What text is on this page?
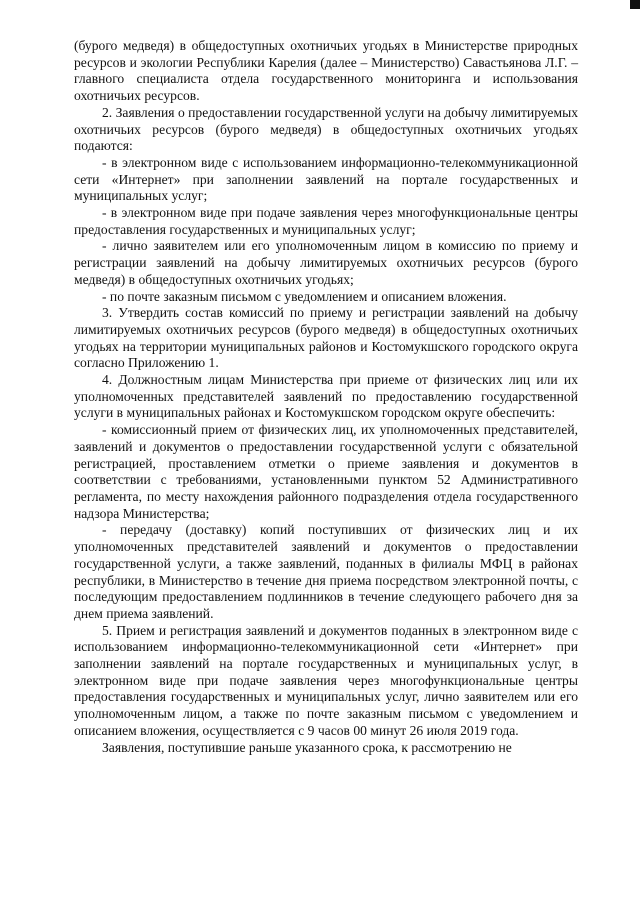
(бурого медведя) в общедоступных охотничьих угодьях в Министерстве природных ресурсов и экологии Республики Карелия (далее – Министерство) Савастьянова Л.Г. – главного специалиста отдела государственного мониторинга и использования охотничьих ресурсов.

2. Заявления о предоставлении государственной услуги на добычу лимитируемых охотничьих ресурсов (бурого медведя) в общедоступных охотничьих угодьях подаются:

- в электронном виде с использованием информационно-телекоммуникационной сети «Интернет» при заполнении заявлений на портале государственных и муниципальных услуг;

- в электронном виде при подаче заявления через многофункциональные центры предоставления государственных и муниципальных услуг;

- лично заявителем или его уполномоченным лицом в комиссию по приему и регистрации заявлений на добычу лимитируемых охотничьих ресурсов (бурого медведя) в общедоступных охотничьих угодьях;

- по почте заказным письмом с уведомлением и описанием вложения.

3. Утвердить состав комиссий по приему и регистрации заявлений на добычу лимитируемых охотничьих ресурсов (бурого медведя) в общедоступных охотничьих угодьях на территории муниципальных районов и Костомукшского городского округа согласно Приложению 1.

4. Должностным лицам Министерства при приеме от физических лиц или их уполномоченных представителей заявлений по предоставлению государственной услуги в муниципальных районах и Костомукшском городском округе обеспечить:

- комиссионный прием от физических лиц, их уполномоченных представителей, заявлений и документов о предоставлении государственной услуги с обязательной регистрацией, проставлением отметки о приеме заявления и документов в соответствии с требованиями, установленными пунктом 52 Административного регламента, по месту нахождения районного подразделения отдела государственного надзора Министерства;

- передачу (доставку) копий поступивших от физических лиц и их уполномоченных представителей заявлений и документов о предоставлении государственной услуги, а также заявлений, поданных в филиалы МФЦ в районах республики, в Министерство в течение дня приема посредством электронной почты, с последующим предоставлением подлинников в течение следующего рабочего дня за днем приема заявлений.

5. Прием и регистрация заявлений и документов поданных в электронном виде с использованием информационно-телекоммуникационной сети «Интернет» при заполнении заявлений на портале государственных и муниципальных услуг, в электронном виде при подаче заявления через многофункциональные центры предоставления государственных и муниципальных услуг, лично заявителем или его уполномоченным лицом, а также по почте заказным письмом с уведомлением и описанием вложения, осуществляется с 9 часов 00 минут 26 июля 2019 года.

Заявления, поступившие раньше указанного срока, к рассмотрению не
